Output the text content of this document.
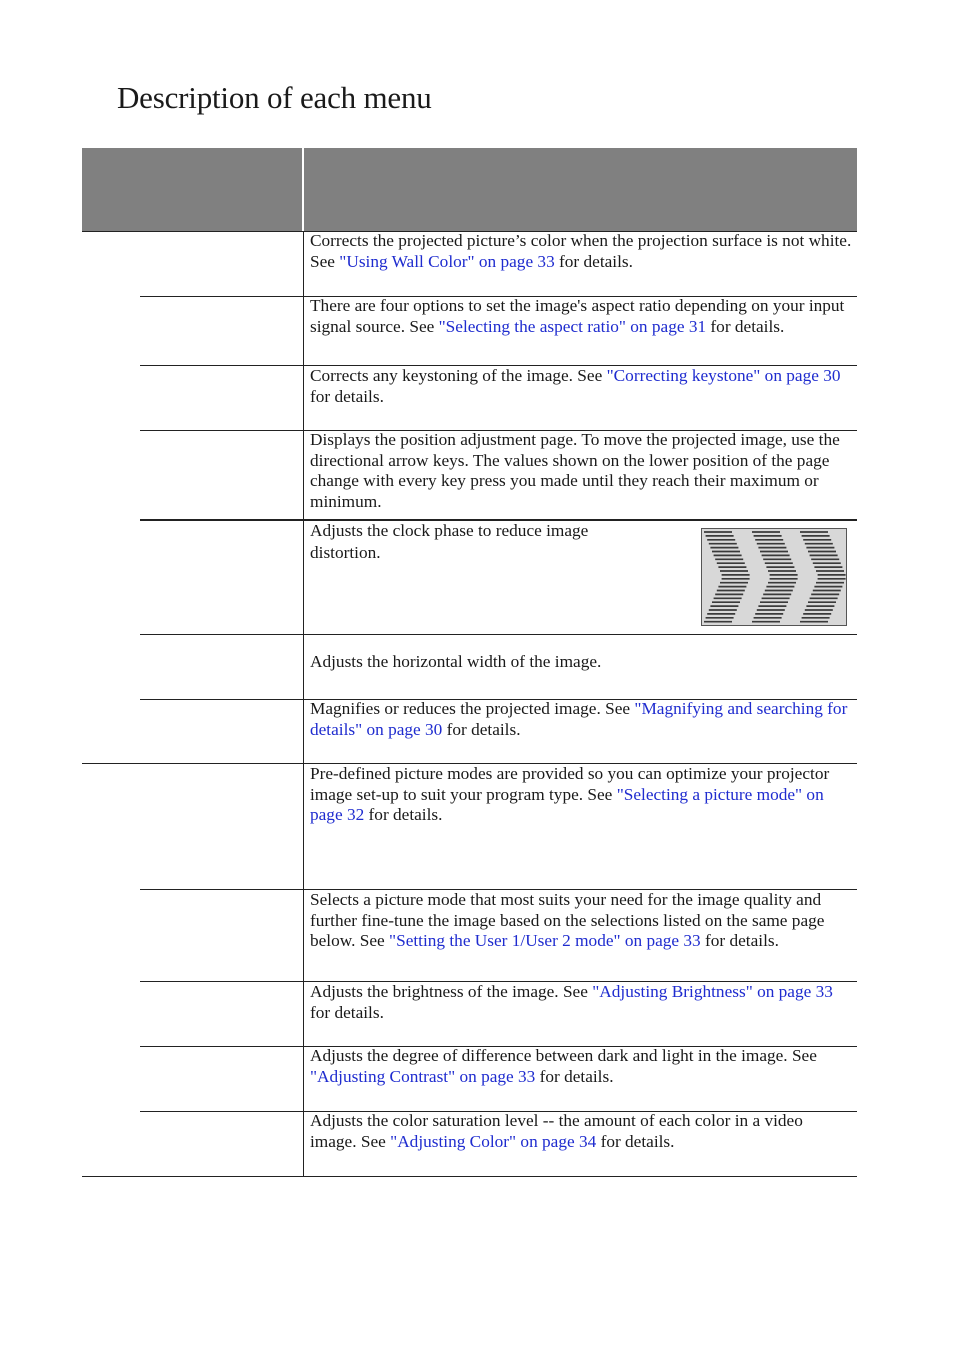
Description of each menu
Corrects the projected picture’s color when the projection surface is not white. See "Using Wall Color" on page 33 for details.
There are four options to set the image's aspect ratio depending on your input signal source. See "Selecting the aspect ratio" on page 31 for details.
Corrects any keystoning of the image. See "Correcting keystone" on page 30 for details.
Displays the position adjustment page. To move the projected image, use the directional arrow keys. The values shown on the lower position of the page change with every key press you made until they reach their maximum or minimum.
Adjusts the clock phase to reduce image distortion.
Adjusts the horizontal width of the image.
Magnifies or reduces the projected image. See "Magnifying and searching for details" on page 30 for details.
Pre-defined picture modes are provided so you can optimize your projector image set-up to suit your program type. See "Selecting a picture mode" on page 32 for details.
Selects a picture mode that most suits your need for the image quality and further fine-tune the image based on the selections listed on the same page below. See "Setting the User 1/User 2 mode" on page 33 for details.
Adjusts the brightness of the image. See "Adjusting Brightness" on page 33 for details.
Adjusts the degree of difference between dark and light in the image. See "Adjusting Contrast" on page 33 for details.
Adjusts the color saturation level -- the amount of each color in a video image. See "Adjusting Color" on page 34 for details.
